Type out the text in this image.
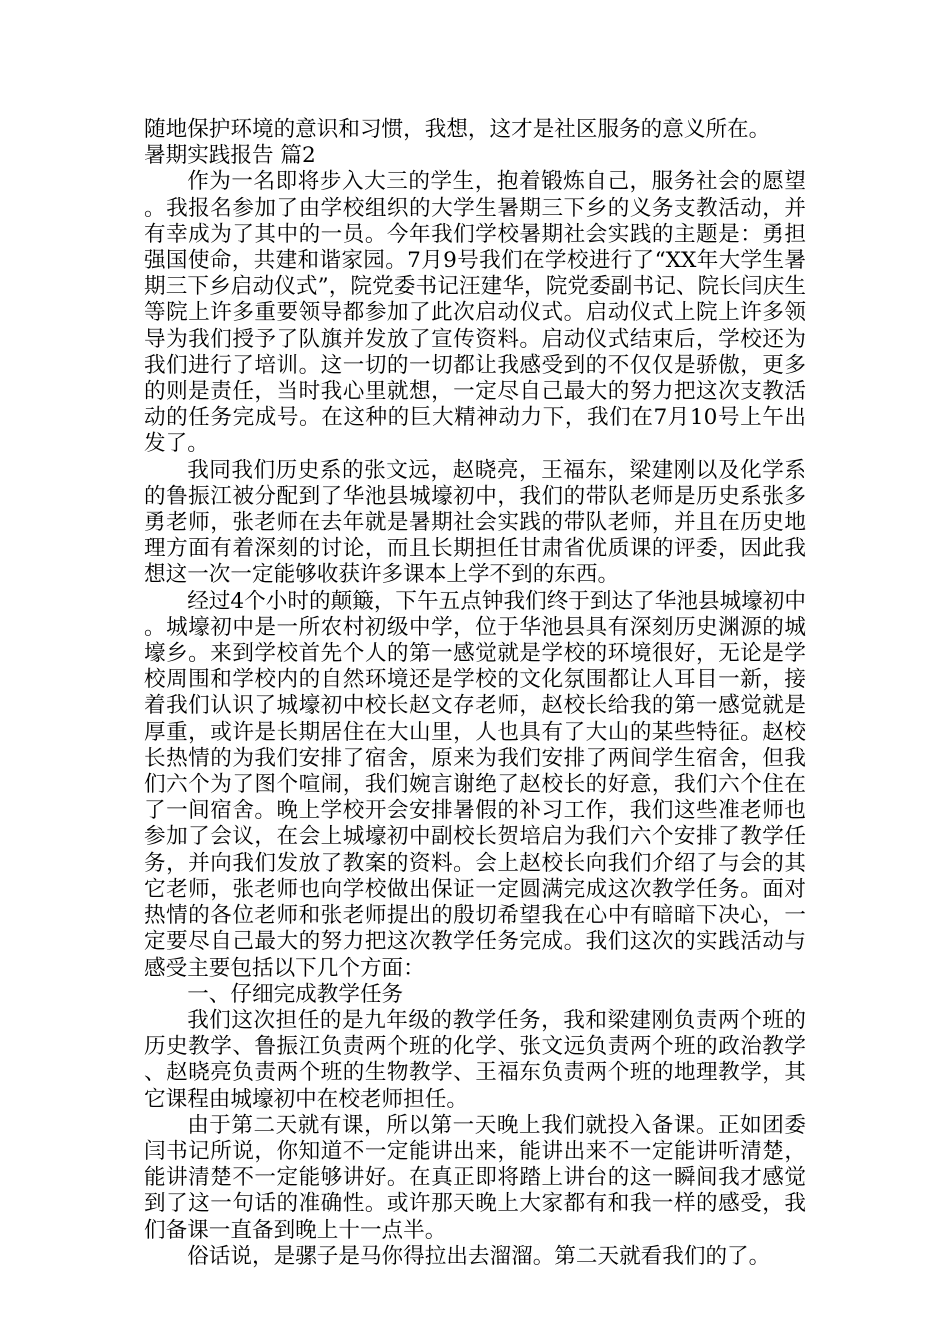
随地保护环境的意识和习惯，我想，这才是社区服务的意义所在。

暑期实践报告 篇2

作为一名即将步入大三的学生，抱着锻炼自己，服务社会的愿望。我报名参加了由学校组织的大学生暑期三下乡的义务支教活动，并有幸成为了其中的一员。今年我们学校暑期社会实践的主题是：勇担强国使命，共建和谐家园。7月9号我们在学校进行了“XX年大学生暑期三下乡启动仪式”，院党委书记汪建华，院党委副书记、院长闫庆生等院上许多重要领导都参加了此次启动仪式。启动仪式上院上许多领导为我们授予了队旗并发放了宣传资料。启动仪式结束后，学校还为我们进行了培训。这一切的一切都让我感受到的不仅仅是骄傲，更多的则是责任，当时我心里就想，一定尽自己最大的努力把这次支教活动的任务完成号。在这种的巨大精神动力下，我们在7月10号上午出发了。

我同我们历史系的张文远，赵晓亮，王福东，梁建刚以及化学系的鲁振江被分配到了华池县城壕初中，我们的带队老师是历史系张多勇老师，张老师在去年就是暑期社会实践的带队老师，并且在历史地理方面有着深刻的讨论，而且长期担任甘肃省优质课的评委，因此我想这一次一定能够收获许多课本上学不到的东西。

经过4个小时的颠簸，下午五点钟我们终于到达了华池县城壕初中。城壕初中是一所农村初级中学，位于华池县具有深刻历史渊源的城壕乡。来到学校首先个人的第一感觉就是学校的环境很好，无论是学校周围和学校内的自然环境还是学校的文化氛围都让人耳目一新，接着我们认识了城壕初中校长赵文存老师，赵校长给我的第一感觉就是厚重，或许是长期居住在大山里，人也具有了大山的某些特征。赵校长热情的为我们安排了宿舍，原来为我们安排了两间学生宿舍，但我们六个为了图个喧闹，我们婉言谢绝了赵校长的好意，我们六个住在了一间宿舍。晚上学校开会安排暑假的补习工作，我们这些准老师也参加了会议，在会上城壕初中副校长贺培启为我们六个安排了教学任务，并向我们发放了教案的资料。会上赵校长向我们介绍了与会的其它老师，张老师也向学校做出保证一定圆满完成这次教学任务。面对热情的各位老师和张老师提出的殷切希望我在心中有暗暗下决心，一定要尽自己最大的努力把这次教学任务完成。我们这次的实践活动与感受主要包括以下几个方面：

一、仔细完成教学任务

我们这次担任的是九年级的教学任务，我和梁建刚负责两个班的历史教学、鲁振江负责两个班的化学、张文远负责两个班的政治教学、赵晓亮负责两个班的生物教学、王福东负责两个班的地理教学，其它课程由城壕初中在校老师担任。

由于第二天就有课，所以第一天晚上我们就投入备课。正如团委闫书记所说，你知道不一定能讲出来，能讲出来不一定能讲听清楚，能讲清楚不一定能够讲好。在真正即将踏上讲台的这一瞬间我才感觉到了这一句话的准确性。或许那天晚上大家都有和我一样的感受，我们备课一直备到晚上十一点半。

俗话说，是骡子是马你得拉出去溜溜。第二天就看我们的了。
